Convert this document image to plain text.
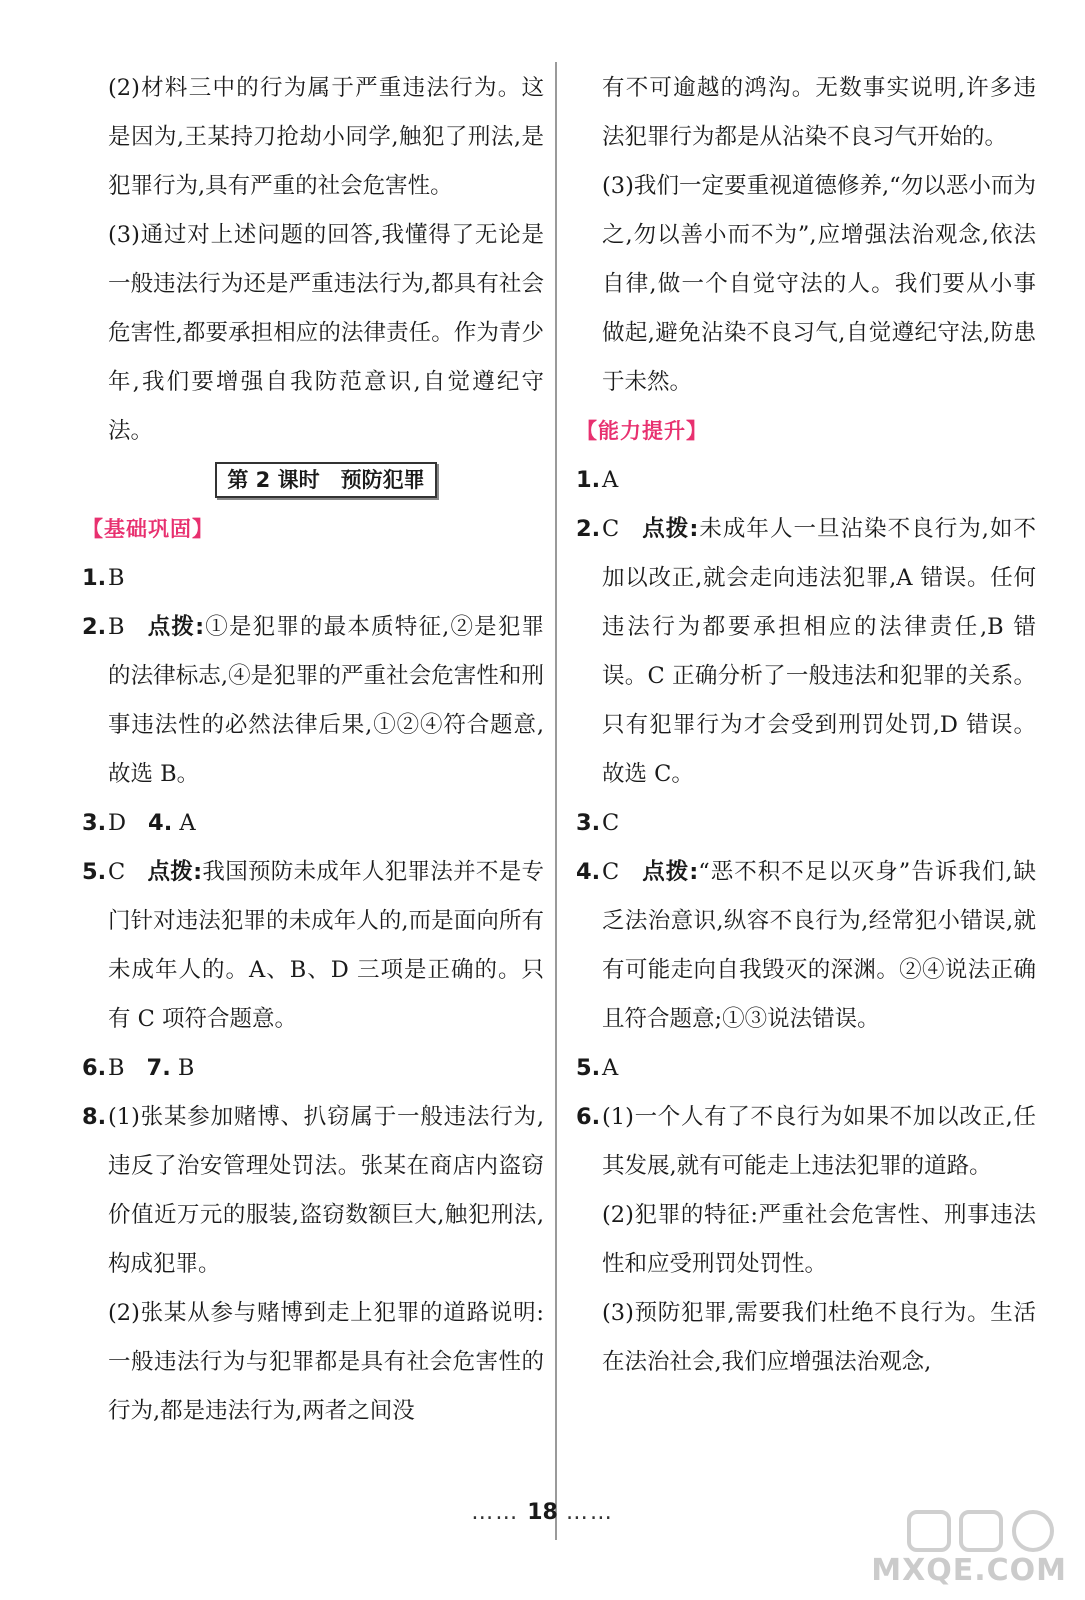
(2)材料三中的行为属于严重违法行为。这是因为,王某持刀抢劫小同学,触犯了刑法,是犯罪行为,具有严重的社会危害性。

(3)通过对上述问题的回答,我懂得了无论是一般违法行为还是严重违法行为,都具有社会危害性,都要承担相应的法律责任。作为青少年,我们要增强自我防范意识,自觉遵纪守法。

第 2 课时　预防犯罪
【基础巩固】
1. B
2. B 点拨:①是犯罪的最本质特征,②是犯罪的法律标志,④是犯罪的严重社会危害性和刑事违法性的必然法律后果,①②④符合题意,故选 B。

3. D 4. A
5. C 点拨:我国预防未成年人犯罪法并不是专门针对违法犯罪的未成年人的,而是面向所有未成年人的。A、B、D 三项是正确的。只有 C 项符合题意。

6. B 7. B
8. (1)张某参加赌博、扒窃属于一般违法行为,违反了治安管理处罚法。张某在商店内盗窃价值近万元的服装,盗窃数额巨大,触犯刑法,构成犯罪。

(2)张某从参与赌博到走上犯罪的道路说明:一般违法行为与犯罪都是具有社会危害性的行为,都是违法行为,两者之间没

有不可逾越的鸿沟。无数事实说明,许多违法犯罪行为都是从沾染不良习气开始的。

(3)我们一定要重视道德修养,“勿以恶小而为之,勿以善小而不为”,应增强法治观念,依法自律,做一个自觉守法的人。我们要从小事做起,避免沾染不良习气,自觉遵纪守法,防患于未然。

【能力提升】
1. A
2. C 点拨:未成年人一旦沾染不良行为,如不加以改正,就会走向违法犯罪,A 错误。任何违法行为都要承担相应的法律责任,B 错误。C 正确分析了一般违法和犯罪的关系。只有犯罪行为才会受到刑罚处罚,D 错误。故选 C。

3. C
4. C 点拨:“恶不积不足以灭身”告诉我们,缺乏法治意识,纵容不良行为,经常犯小错误,就有可能走向自我毁灭的深渊。②④说法正确且符合题意;①③说法错误。

5. A
6. (1)一个人有了不良行为如果不加以改正,任其发展,就有可能走上违法犯罪的道路。

(2)犯罪的特征:严重社会危害性、刑事违法性和应受刑罚处罚性。

(3)预防犯罪,需要我们杜绝不良行为。生活在法治社会,我们应增强法治观念,

…… 18 ……
MXQE.COM
